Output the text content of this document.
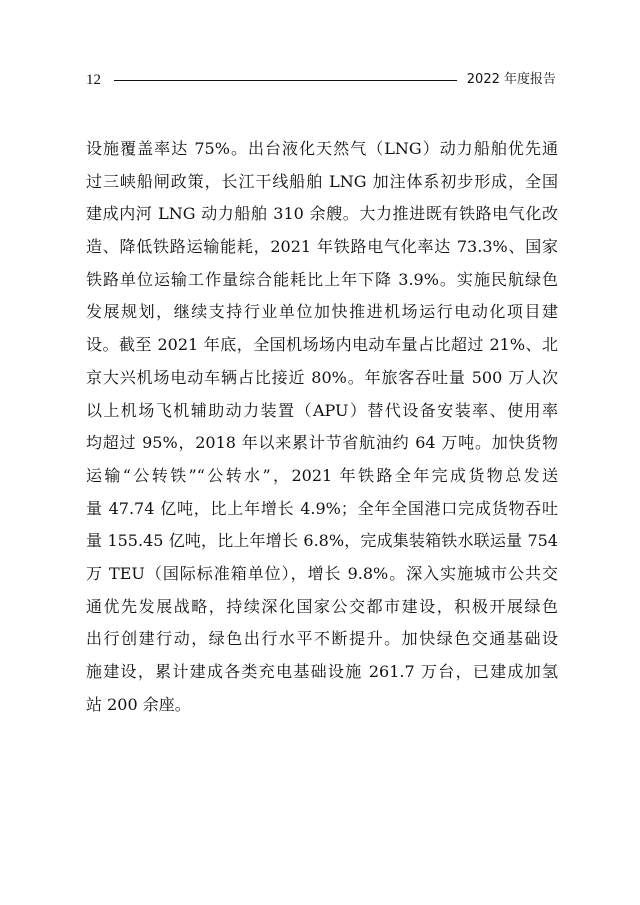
12	2022 年度报告
设施覆盖率达 75%。出台液化天然气（LNG）动力船舶优先通
过三峡船闸政策，长江干线船舶 LNG 加注体系初步形成，全国
建成内河 LNG 动力船舶 310 余艘。大力推进既有铁路电气化改
造、降低铁路运输能耗，2021 年铁路电气化率达 73.3%、国家
铁路单位运输工作量综合能耗比上年下降 3.9%。实施民航绿色
发展规划，继续支持行业单位加快推进机场运行电动化项目建
设。截至 2021 年底，全国机场场内电动车量占比超过 21%、北
京大兴机场电动车辆占比接近 80%。年旅客吞吐量 500 万人次
以上机场飞机辅助动力装置（APU）替代设备安装率、使用率
均超过 95%，2018 年以来累计节省航油约 64 万吨。加快货物
运输“公转铁”“公转水”，2021 年铁路全年完成货物总发送
量 47.74 亿吨，比上年增长 4.9%；全年全国港口完成货物吞吐
量 155.45 亿吨，比上年增长 6.8%，完成集装箱铁水联运量 754
万 TEU（国际标准箱单位），增长 9.8%。深入实施城市公共交
通优先发展战略，持续深化国家公交都市建设，积极开展绿色
出行创建行动，绿色出行水平不断提升。加快绿色交通基础设
施建设，累计建成各类充电基础设施 261.7 万台，已建成加氢
站 200 余座。
